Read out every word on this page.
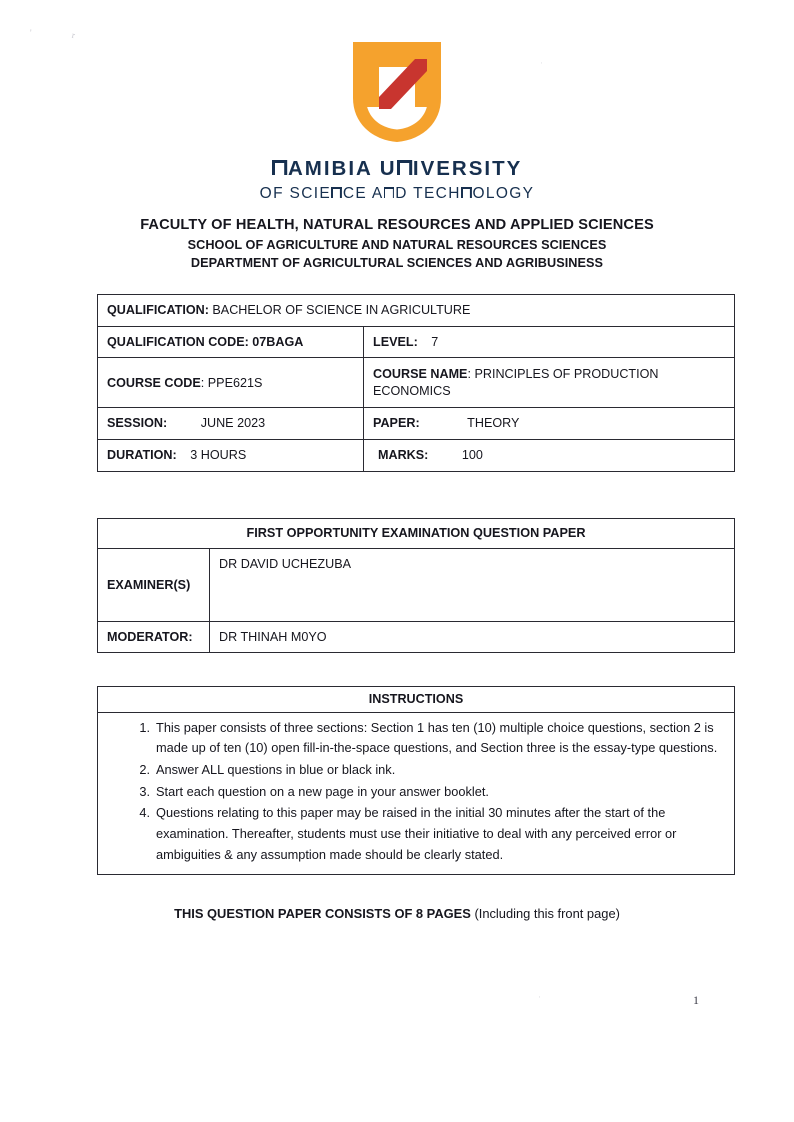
'	r
·
·
AMIBIA U IVERSITY
OF SCIE CE A D TECH OLOGY
FACULTY OF HEALTH, NATURAL RESOURCES AND APPLIED SCIENCES
SCHOOL OF AGRICULTURE AND NATURAL RESOURCES SCIENCES
DEPARTMENT OF AGRICULTURAL SCIENCES AND AGRIBUSINESS
QUALIFICATION: BACHELOR OF SCIENCE IN AGRICULTURE	

QUALIFICATION CODE: 07BAGA	LEVEL: 7

COURSE CODE: PPE621S	COURSE NAME: PRINCIPLES OF PRODUCTION ECONOMICS

SESSION: JUNE 2023	PAPER: THEORY

DURATION: 3 HOURS	MARKS: 100
FIRST OPPORTUNITY EXAMINATION QUESTION PAPER	

EXAMINER(S)	DR DAVID UCHEZUBA

MODERATOR:	DR THINAH M0YO
INSTRUCTIONS

This paper consists of three sections: Section 1 has ten (10) multiple choice questions, section 2 is made up of ten (10) open fill-in-the-space questions, and Section three is the essay-type questions.
Answer ALL questions in blue or black ink.
Start each question on a new page in your answer booklet.
Questions relating to this paper may be raised in the initial 30 minutes after the start of the examination. Thereafter, students must use their initiative to deal with any perceived error or ambiguities & any assumption made should be clearly stated.
THIS QUESTION PAPER CONSISTS OF 8 PAGES (Including this front page)
1
